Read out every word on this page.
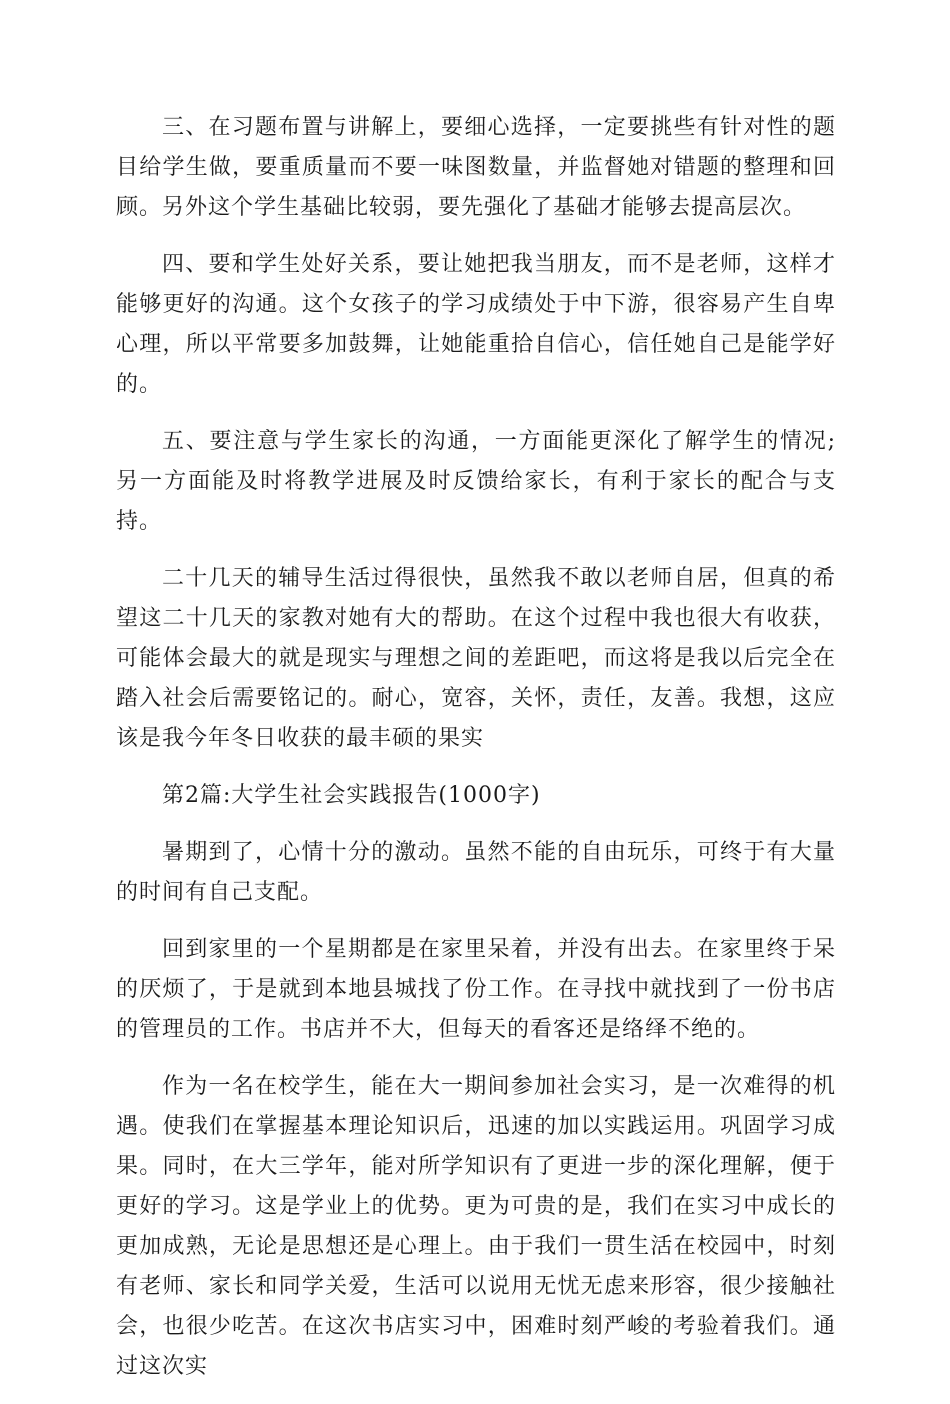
三、在习题布置与讲解上，要细心选择，一定要挑些有针对性的题目给学生做，要重质量而不要一味图数量，并监督她对错题的整理和回顾。另外这个学生基础比较弱，要先强化了基础才能够去提高层次。

四、要和学生处好关系，要让她把我当朋友，而不是老师，这样才能够更好的沟通。这个女孩子的学习成绩处于中下游，很容易产生自卑心理，所以平常要多加鼓舞，让她能重拾自信心，信任她自己是能学好的。

五、要注意与学生家长的沟通，一方面能更深化了解学生的情况;另一方面能及时将教学进展及时反馈给家长，有利于家长的配合与支持。

二十几天的辅导生活过得很快，虽然我不敢以老师自居，但真的希望这二十几天的家教对她有大的帮助。在这个过程中我也很大有收获，可能体会最大的就是现实与理想之间的差距吧，而这将是我以后完全在踏入社会后需要铭记的。耐心，宽容，关怀，责任，友善。我想，这应该是我今年冬日收获的最丰硕的果实

第2篇:大学生社会实践报告(1000字)

暑期到了，心情十分的激动。虽然不能的自由玩乐，可终于有大量的时间有自己支配。

回到家里的一个星期都是在家里呆着，并没有出去。在家里终于呆的厌烦了，于是就到本地县城找了份工作。在寻找中就找到了一份书店的管理员的工作。书店并不大，但每天的看客还是络绎不绝的。

作为一名在校学生，能在大一期间参加社会实习，是一次难得的机遇。使我们在掌握基本理论知识后，迅速的加以实践运用。巩固学习成果。同时，在大三学年，能对所学知识有了更进一步的深化理解，便于更好的学习。这是学业上的优势。更为可贵的是，我们在实习中成长的更加成熟，无论是思想还是心理上。由于我们一贯生活在校园中，时刻有老师、家长和同学关爱，生活可以说用无忧无虑来形容，很少接触社会，也很少吃苦。在这次书店实习中，困难时刻严峻的考验着我们。通过这次实
